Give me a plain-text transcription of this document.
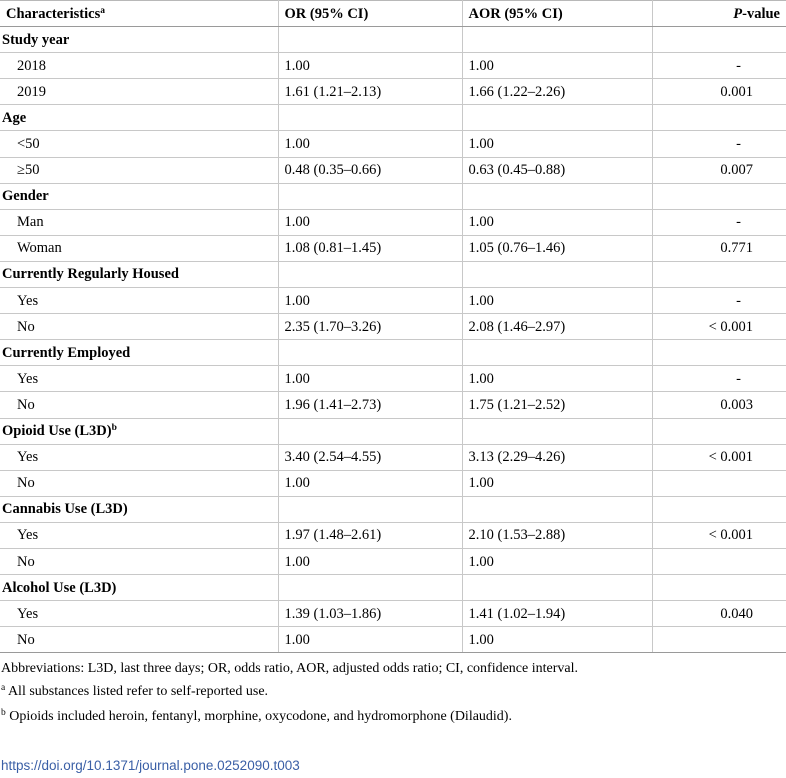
Characteristics$^a$	OR (95% CI)	AOR (95% CI)	P-value
Study year			
2018	1.00	1.00	-
2019	1.61 (1.21–2.13)	1.66 (1.22–2.26)	0.001
Age			
<50	1.00	1.00	-
≥50	0.48 (0.35–0.66)	0.63 (0.45–0.88)	0.007
Gender			
Man	1.00	1.00	-
Woman	1.08 (0.81–1.45)	1.05 (0.76–1.46)	0.771
Currently Regularly Housed			
Yes	1.00	1.00	-
No	2.35 (1.70–3.26)	2.08 (1.46–2.97)	< 0.001
Currently Employed			
Yes	1.00	1.00	-
No	1.96 (1.41–2.73)	1.75 (1.21–2.52)	0.003
Opioid Use $(L3D)^b$			
Yes	3.40 (2.54–4.55)	3.13 (2.29–4.26)	< 0.001
No	1.00	1.00	
Cannabis Use (L3D)			
Yes	1.97 (1.48–2.61)	2.10 (1.53–2.88)	< 0.001
No	1.00	1.00	
Alcohol Use (L3D)			
Yes	1.39 (1.03–1.86)	1.41 (1.02–1.94)	0.040
No	1.00	1.00	
Abbreviations: L3D, last three days; OR, odds ratio, AOR, adjusted odds ratio; CI, confidence interval.
$^a$ All substances listed refer to self-reported use.
$^b$ Opioids included heroin, fentanyl, morphine, oxycodone, and hydromorphone (Dilaudid).
https://doi.org/10.1371/journal.pone.0252090.t003
